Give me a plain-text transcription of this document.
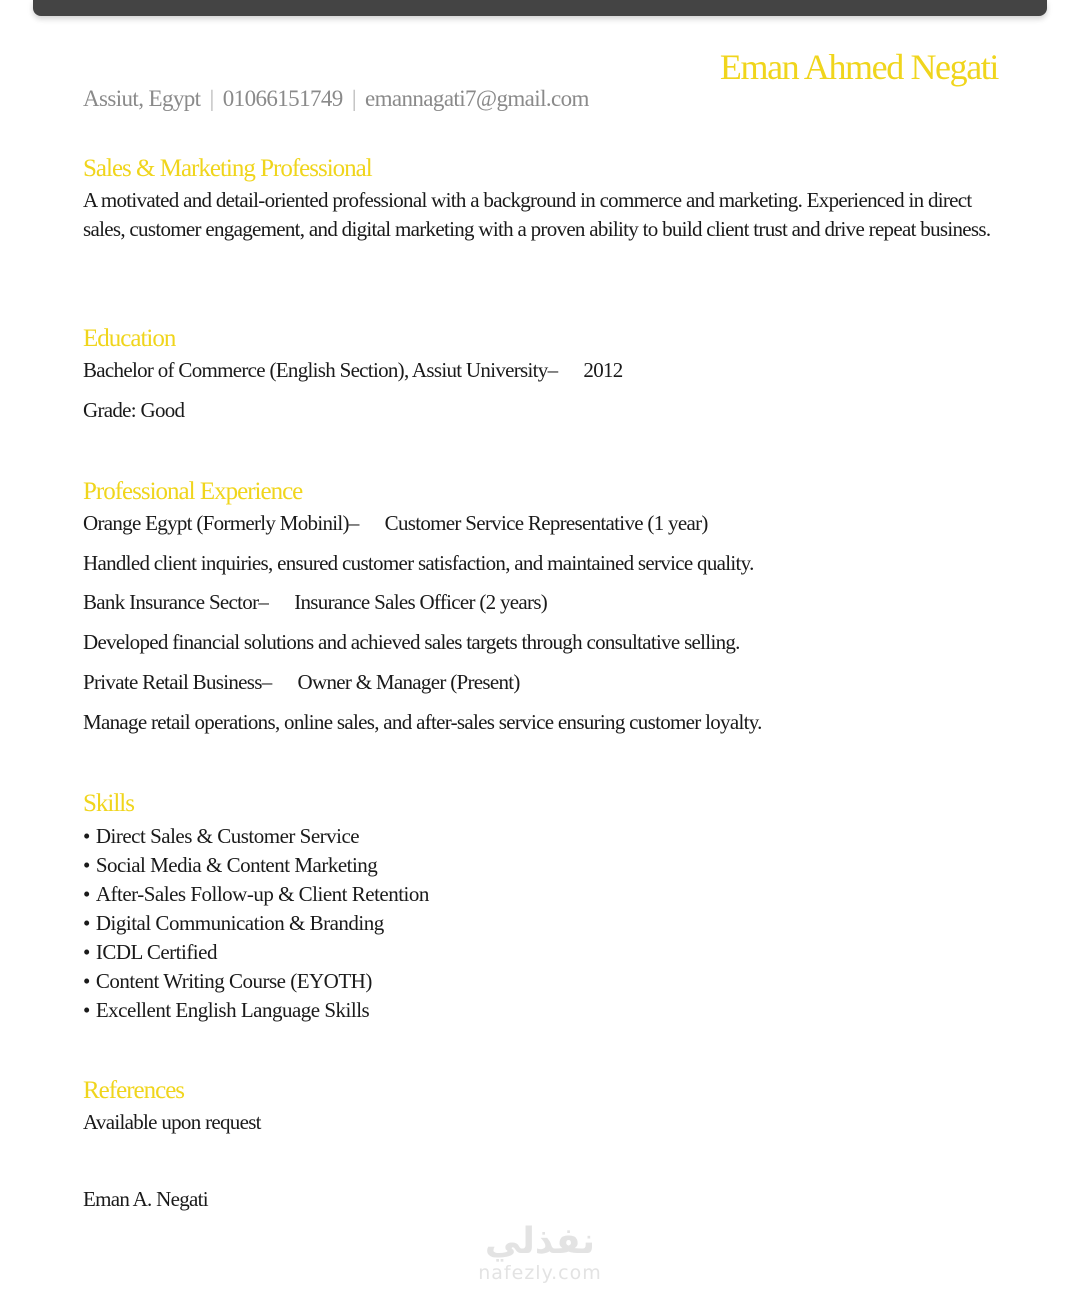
Eman Ahmed Negati
Assiut, Egypt | 01066151749 | emannagati7@gmail.com
Sales & Marketing Professional
A motivated and detail-oriented professional with a background in commerce and marketing. Experienced in direct sales, customer engagement, and digital marketing with a proven ability to build client trust and drive repeat business.
Education
Bachelor of Commerce (English Section), Assiut University– 2012
Grade: Good
Professional Experience
Orange Egypt (Formerly Mobinil)– Customer Service Representative (1 year)
Handled client inquiries, ensured customer satisfaction, and maintained service quality.
Bank Insurance Sector– Insurance Sales Officer (2 years)
Developed financial solutions and achieved sales targets through consultative selling.
Private Retail Business– Owner & Manager (Present)
Manage retail operations, online sales, and after-sales service ensuring customer loyalty.
Skills
• Direct Sales & Customer Service
• Social Media & Content Marketing
• After-Sales Follow-up & Client Retention
• Digital Communication & Branding
• ICDL Certified
• Content Writing Course (EYOTH)
• Excellent English Language Skills
References
Available upon request
Eman A. Negati
نفذلي
nafezly.com
